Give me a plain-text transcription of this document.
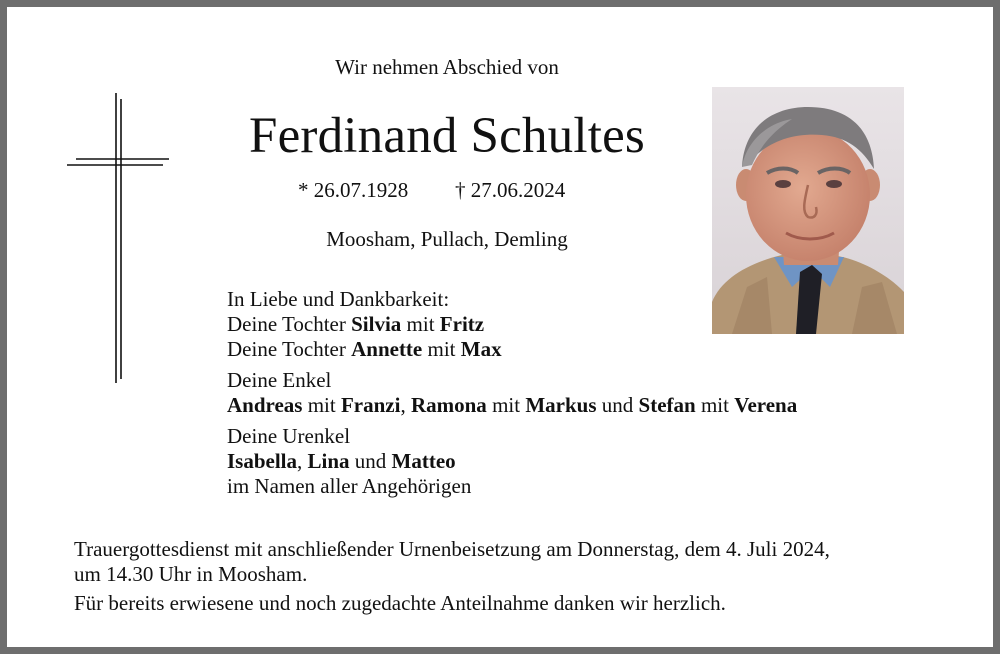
Wir nehmen Abschied von
Ferdinand Schultes
* 26.07.1928 † 27.06.2024
Moosham, Pullach, Demling
In Liebe und Dankbarkeit:
Deine Tochter Silvia mit Fritz
Deine Tochter Annette mit Max
Deine Enkel
Andreas mit Franzi, Ramona mit Markus und Stefan mit Verena
Deine Urenkel
Isabella, Lina und Matteo
im Namen aller Angehörigen
Trauergottesdienst mit anschließender Urnenbeisetzung am Donnerstag, dem 4. Juli 2024,
um 14.30 Uhr in Moosham.
Für bereits erwiesene und noch zugedachte Anteilnahme danken wir herzlich.
